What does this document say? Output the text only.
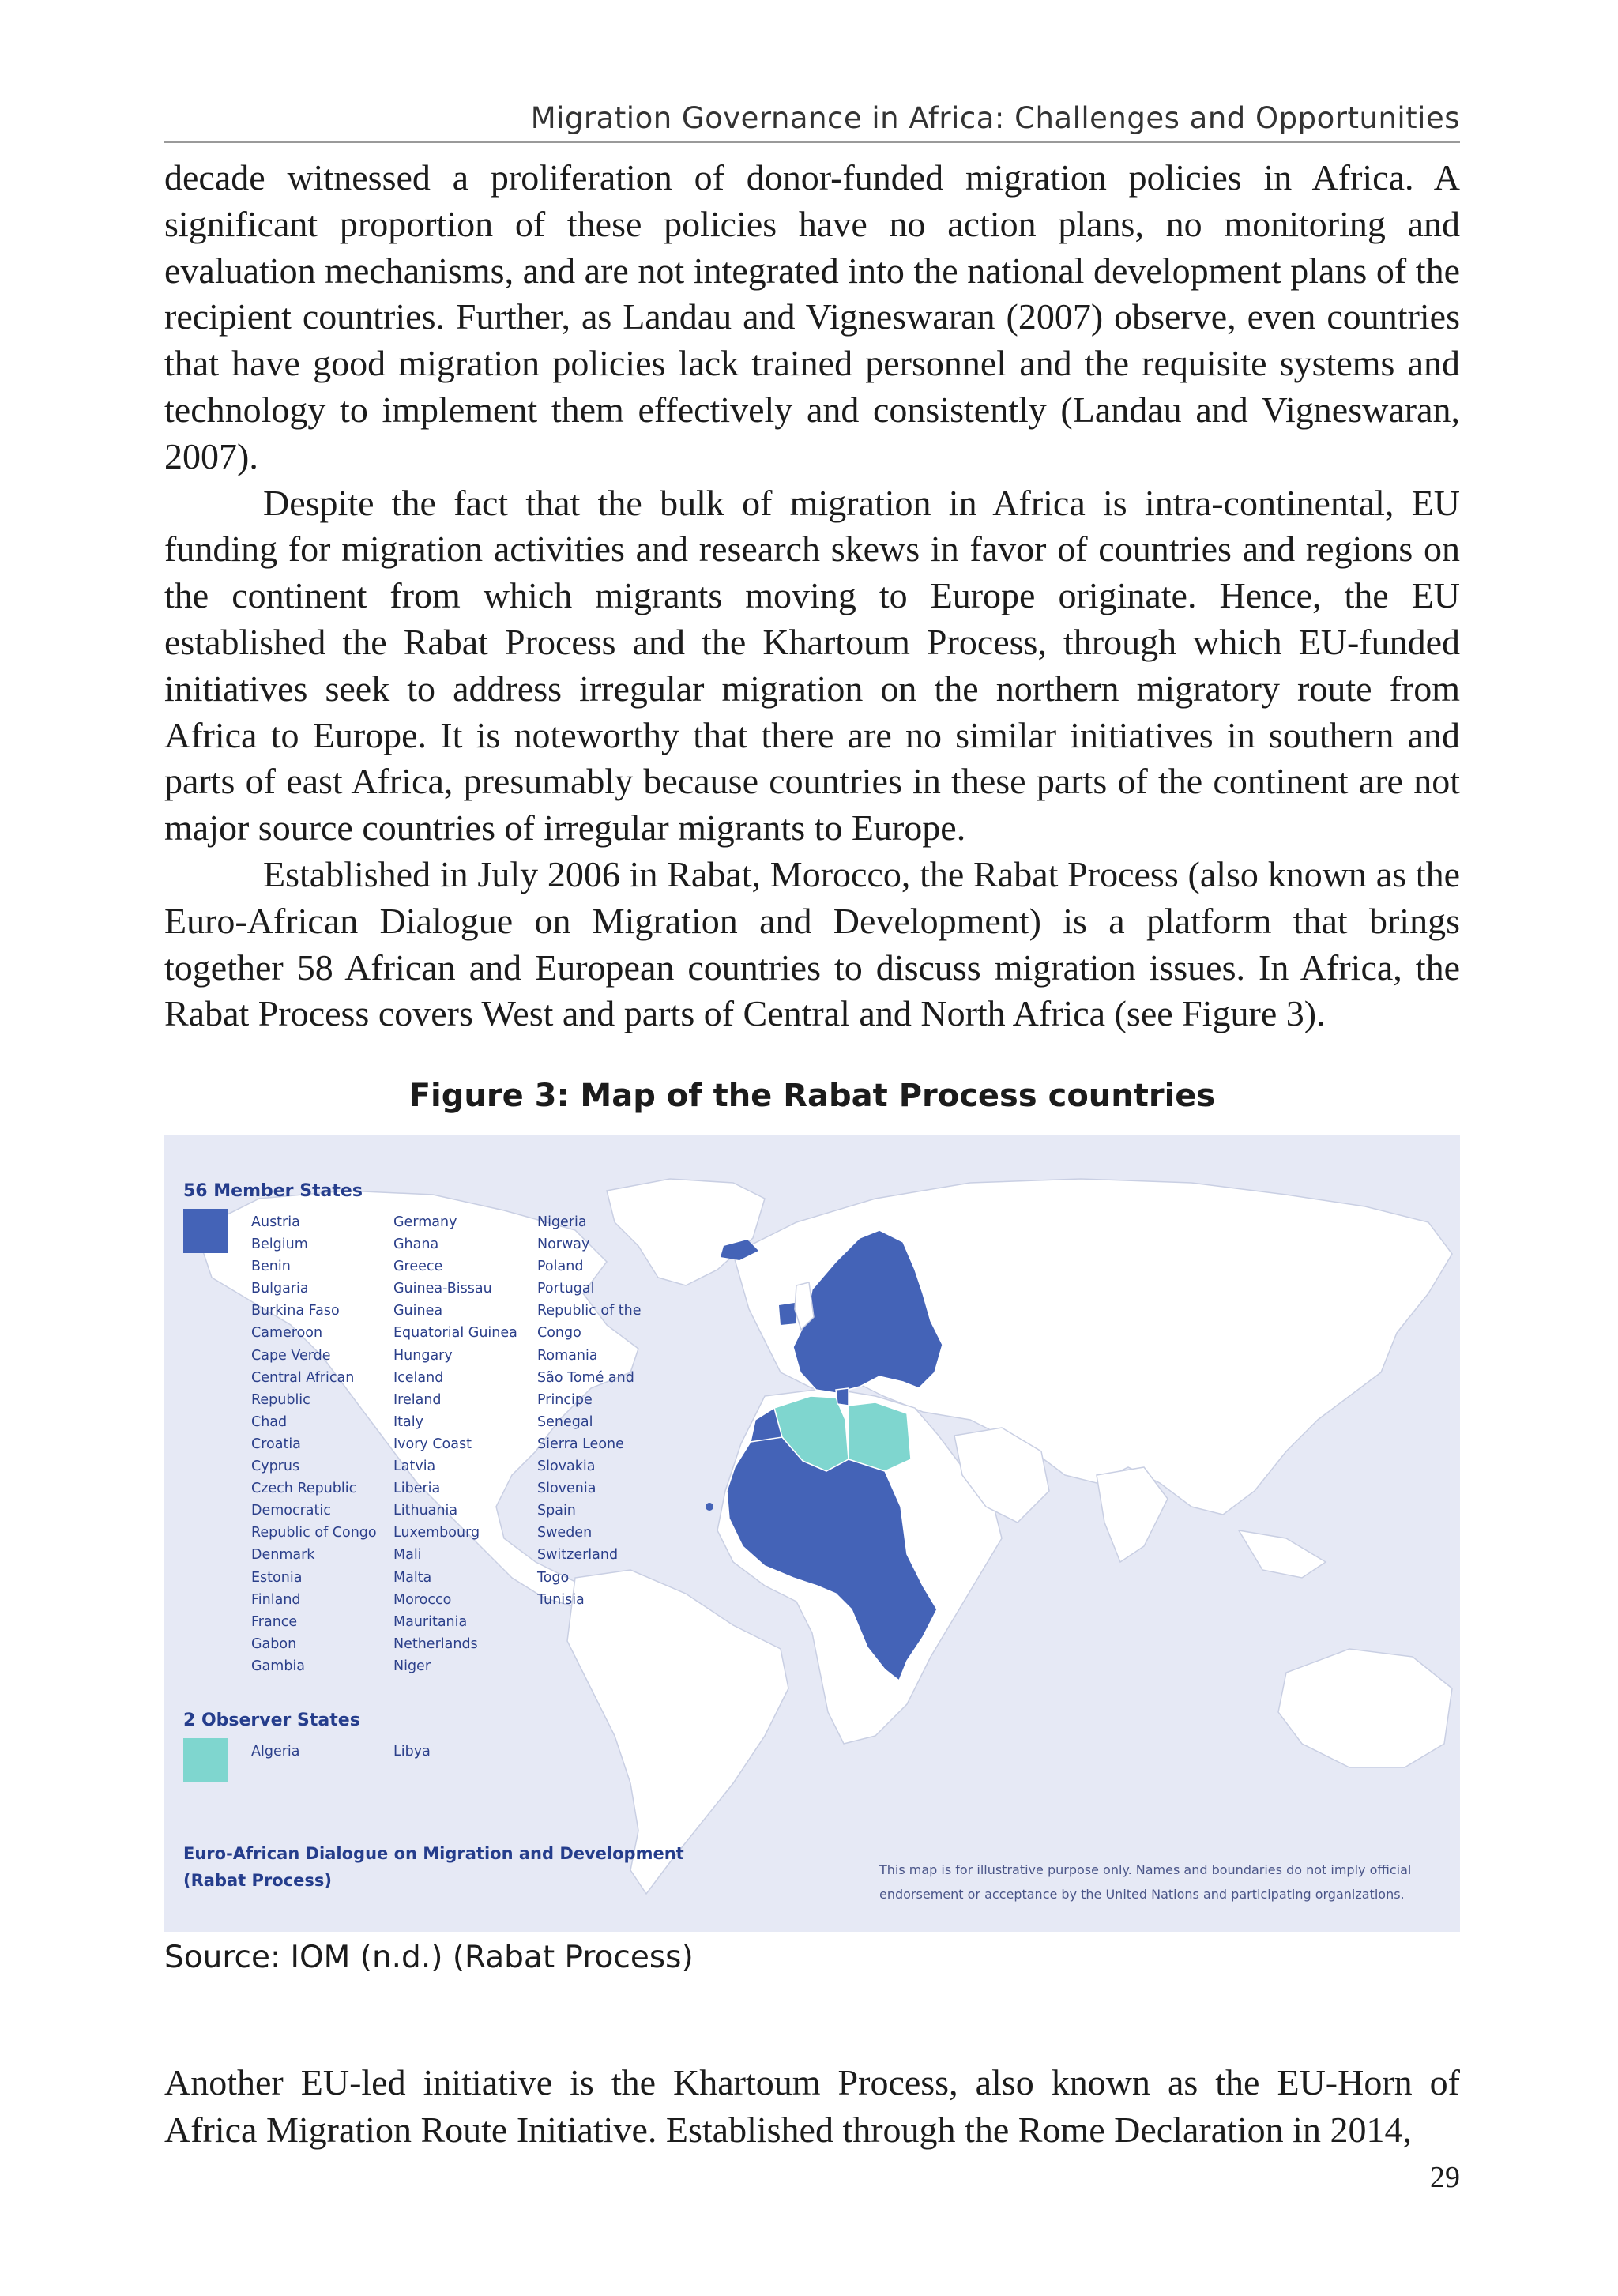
Migration Governance in Africa: Challenges and Opportunities

decade witnessed a proliferation of donor-funded migration policies in Africa. A significant proportion of these policies have no action plans, no monitoring and evaluation mechanisms, and are not integrated into the national development plans of the recipient countries. Further, as Landau and Vigneswaran (2007) observe, even countries that have good migration policies lack trained personnel and the requisite systems and technology to implement them effectively and consistently (Landau and Vigneswaran, 2007).

Despite the fact that the bulk of migration in Africa is intra-continental, EU funding for migration activities and research skews in favor of countries and regions on the continent from which migrants moving to Europe originate. Hence, the EU established the Rabat Process and the Khartoum Process, through which EU-funded initiatives seek to address irregular migration on the northern migratory route from Africa to Europe. It is noteworthy that there are no similar initiatives in southern and parts of east Africa, presumably because countries in these parts of the continent are not major source countries of irregular migrants to Europe.

Established in July 2006 in Rabat, Morocco, the Rabat Process (also known as the Euro-African Dialogue on Migration and Development) is a platform that brings together 58 African and European countries to discuss migration issues. In Africa, the Rabat Process covers West and parts of Central and North Africa (see Figure 3).

Figure 3: Map of the Rabat Process countries
56 Member States
Austria
Belgium
Benin
Bulgaria
Burkina Faso
Cameroon
Cape Verde
Central African
Republic
Chad
Croatia
Cyprus
Czech Republic
Democratic
Republic of Congo
Denmark
Estonia
Finland
France
Gabon
Gambia
Germany
Ghana
Greece
Guinea-Bissau
Guinea
Equatorial Guinea
Hungary
Iceland
Ireland
Italy
Ivory Coast
Latvia
Liberia
Lithuania
Luxembourg
Mali
Malta
Morocco
Mauritania
Netherlands
Niger
Nigeria
Norway
Poland
Portugal
Republic of the
Congo
Romania
São Tomé and
Principe
Senegal
Sierra Leone
Slovakia
Slovenia
Spain
Sweden
Switzerland
Togo
Tunisia
2 Observer States
Algeria	Libya
Euro-African Dialogue on Migration and Development
(Rabat Process)
This map is for illustrative purpose only. Names and boundaries do not imply official
endorsement or acceptance by the United Nations and participating organizations.
Source: IOM (n.d.) (Rabat Process)

Another EU-led initiative is the Khartoum Process, also known as the EU-Horn of Africa Migration Route Initiative. Established through the Rome Declaration in 2014,

29
